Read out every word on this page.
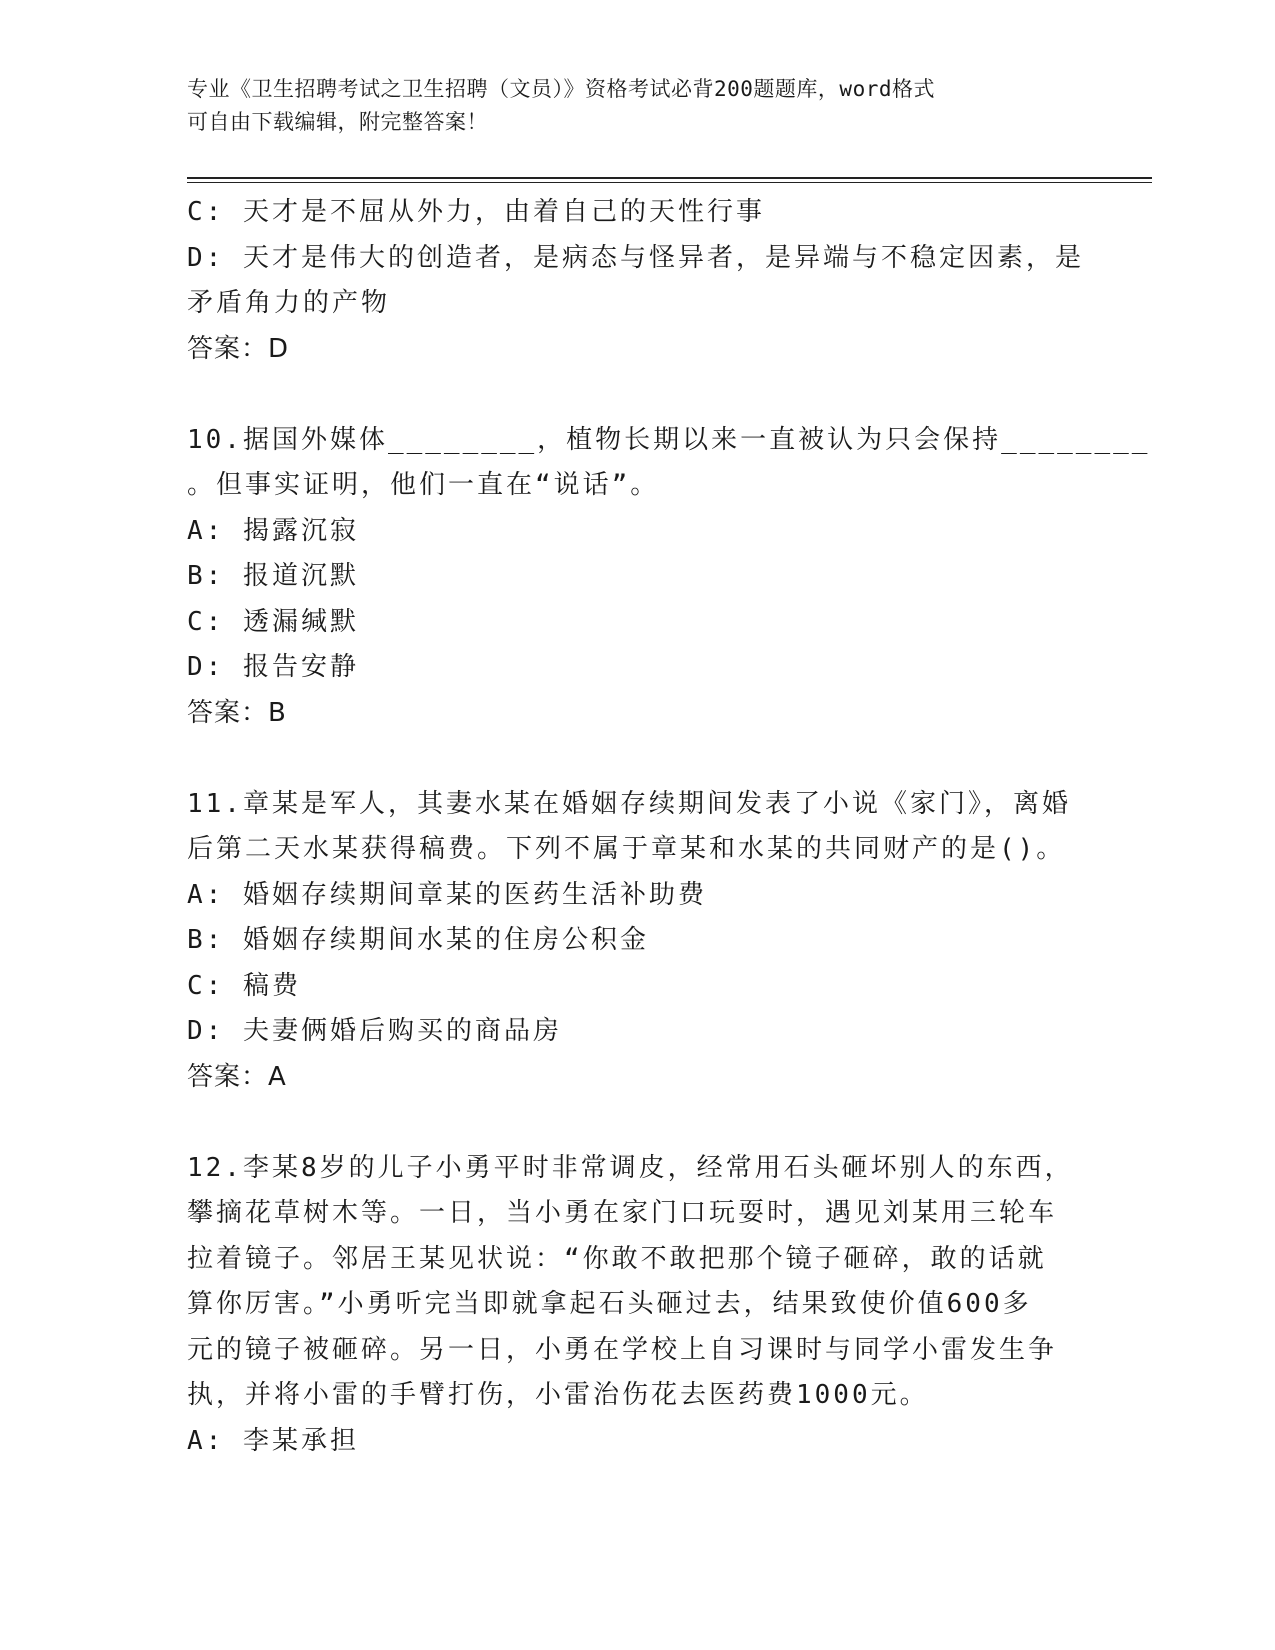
专业《卫生招聘考试之卫生招聘（文员）》资格考试必背200题题库，word格式
可自由下载编辑，附完整答案！
C: 天才是不屈从外力，由着自己的天性行事
D: 天才是伟大的创造者，是病态与怪异者，是异端与不稳定因素，是
矛盾角力的产物
答案：D
10.据国外媒体________，植物长期以来一直被认为只会保持________
。但事实证明，他们一直在“说话”。
A: 揭露沉寂
B: 报道沉默
C: 透漏缄默
D: 报告安静
答案：B
11.章某是军人，其妻水某在婚姻存续期间发表了小说《家门》，离婚
后第二天水某获得稿费。下列不属于章某和水某的共同财产的是()。
A: 婚姻存续期间章某的医药生活补助费
B: 婚姻存续期间水某的住房公积金
C: 稿费
D: 夫妻俩婚后购买的商品房
答案：A
12.李某8岁的儿子小勇平时非常调皮，经常用石头砸坏别人的东西，
攀摘花草树木等。一日，当小勇在家门口玩耍时，遇见刘某用三轮车
拉着镜子。邻居王某见状说：“你敢不敢把那个镜子砸碎，敢的话就
算你厉害。”小勇听完当即就拿起石头砸过去，结果致使价值600多
元的镜子被砸碎。另一日，小勇在学校上自习课时与同学小雷发生争
执，并将小雷的手臂打伤，小雷治伤花去医药费1000元。
A: 李某承担
